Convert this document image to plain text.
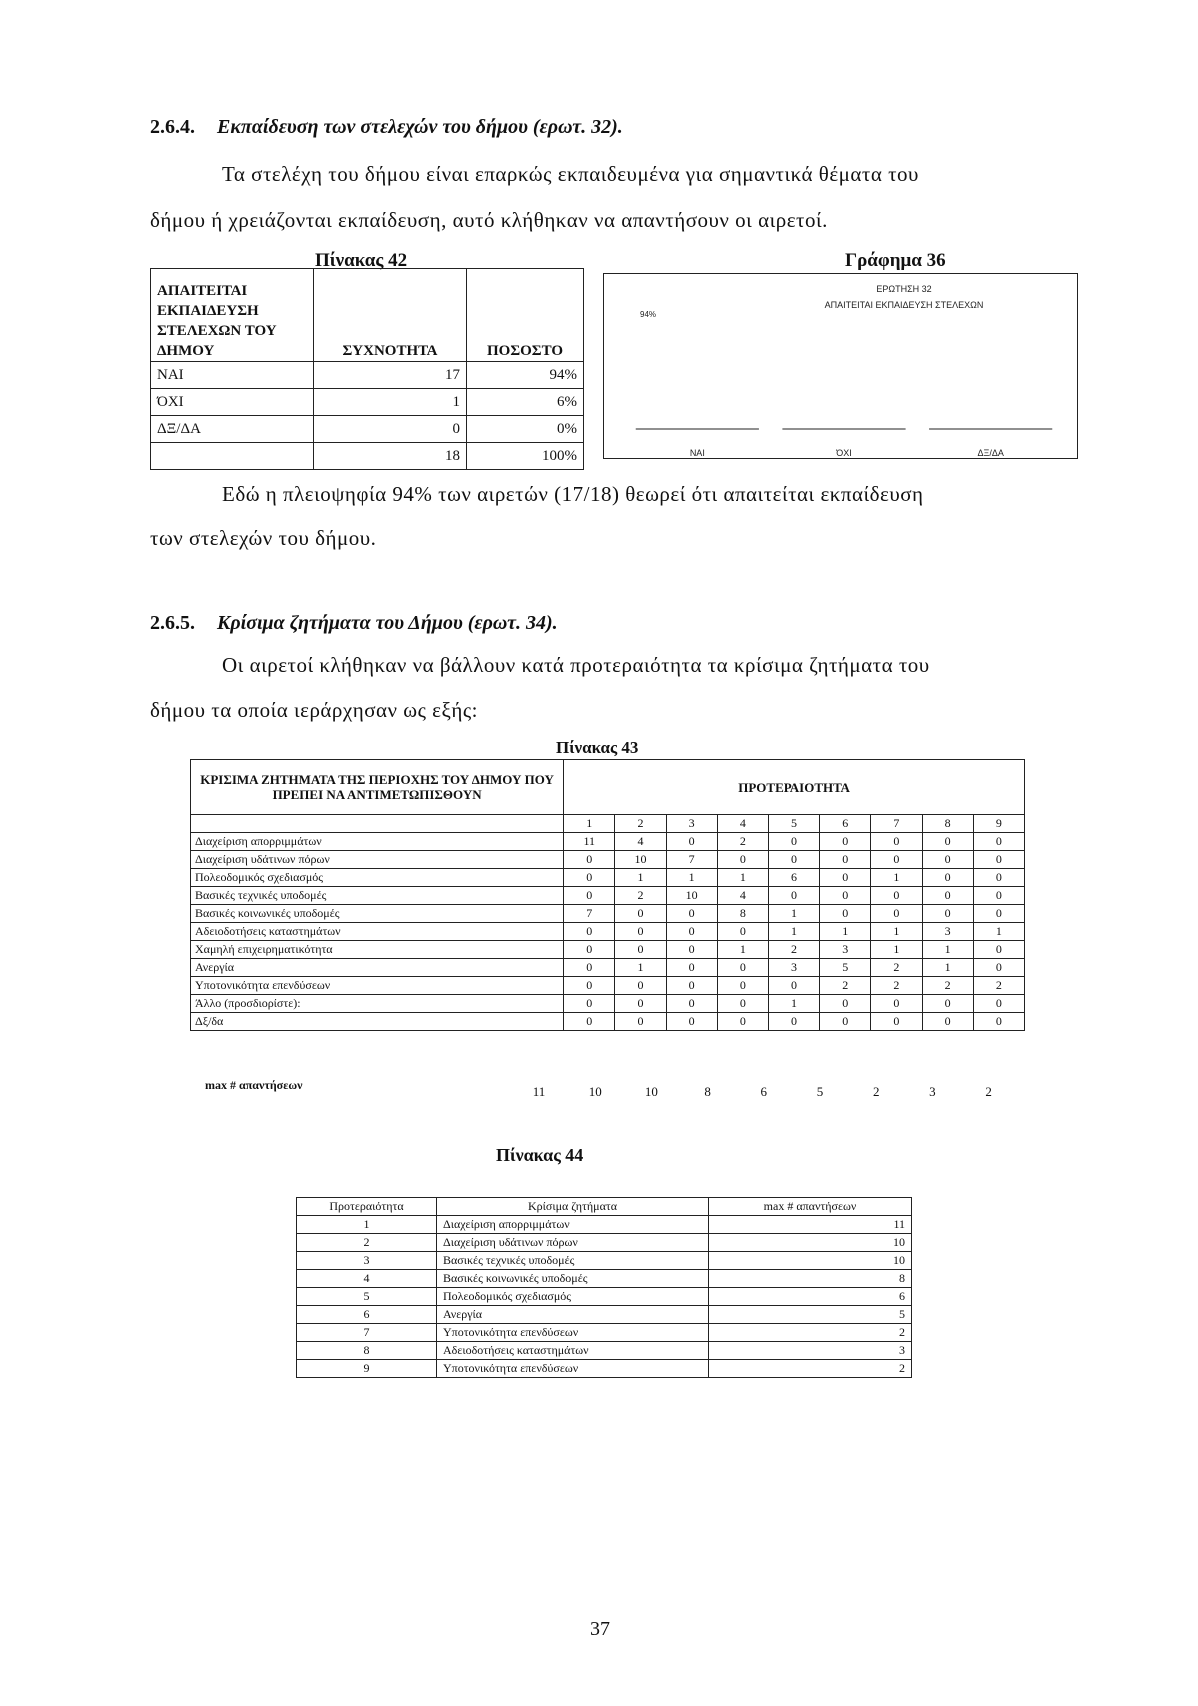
2.6.4. Εκπαίδευση των στελεχών του δήμου (ερωτ. 32).
Τα στελέχη του δήμου είναι επαρκώς εκπαιδευμένα για σημαντικά θέματα του
δήμου ή χρειάζονται εκπαίδευση, αυτό κλήθηκαν να απαντήσουν οι αιρετοί.
Πίνακας 42
ΑΠΑΙΤΕΙΤΑΙ ΕΚΠΑΙΔΕΥΣΗ ΣΤΕΛΕΧΩΝ ΤΟΥ ΔΗΜΟΥ	ΣΥΧΝΟΤΗΤΑ	ΠΟΣΟΣΤΟ
ΝΑΙ	17	94%
ΌΧΙ	1	6%
ΔΞ/ΔΑ	0	0%
	18	100%
Γράφημα 36
ΕΡΩΤΗΣΗ 32
ΑΠΑΙΤΕΙΤΑΙ ΕΚΠΑΙΔΕΥΣΗ ΣΤΕΛΕΧΩΝ
ΝΑΙ
94%
ΌΧΙ	ΔΞ/ΔΑ
Εδώ η πλειοψηφία 94% των αιρετών (17/18) θεωρεί ότι απαιτείται εκπαίδευση
των στελεχών του δήμου.
2.6.5. Κρίσιμα ζητήματα του Δήμου (ερωτ. 34).
Οι αιρετοί κλήθηκαν να βάλλουν κατά προτεραιότητα τα κρίσιμα ζητήματα του
δήμου τα οποία ιεράρχησαν ως εξής:
Πίνακας 43
ΚΡΙΣΙΜΑ ΖΗΤΗΜΑΤΑ ΤΗΣ ΠΕΡΙΟΧΗΣ ΤΟΥ ΔΗΜΟΥ ΠΟΥ ΠΡΕΠΕΙ ΝΑ ΑΝΤΙΜΕΤΩΠΙΣΘΟΥΝ	ΠΡΟΤΕΡΑΙΟΤΗΤΑ								
	1	2	3	4	5	6	7	8	9
Διαχείριση απορριμμάτων	11	4	0	2	0	0	0	0	0
Διαχείριση υδάτινων πόρων	0	10	7	0	0	0	0	0	0
Πολεοδομικός σχεδιασμός	0	1	1	1	6	0	1	0	0
Βασικές τεχνικές υποδομές	0	2	10	4	0	0	0	0	0
Βασικές κοινωνικές υποδομές	7	0	0	8	1	0	0	0	0
Αδειοδοτήσεις καταστημάτων	0	0	0	0	1	1	1	3	1
Χαμηλή επιχειρηματικότητα	0	0	0	1	2	3	1	1	0
Ανεργία	0	1	0	0	3	5	2	1	0
Υποτονικότητα επενδύσεων	0	0	0	0	0	2	2	2	2
Άλλο (προσδιορίστε):	0	0	0	0	1	0	0	0	0
Δξ/δα	0	0	0	0	0	0	0	0	0
max # απαντήσεων	11	10	10	8	6	5	2	3	2
Πίνακας 44
Προτεραιότητα	Κρίσιμα ζητήματα	max # απαντήσεων
1	Διαχείριση απορριμμάτων	11
2	Διαχείριση υδάτινων πόρων	10
3	Βασικές τεχνικές υποδομές	10
4	Βασικές κοινωνικές υποδομές	8
5	Πολεοδομικός σχεδιασμός	6
6	Ανεργία	5
7	Υποτονικότητα επενδύσεων	2
8	Αδειοδοτήσεις καταστημάτων	3
9	Υποτονικότητα επενδύσεων	2
37
